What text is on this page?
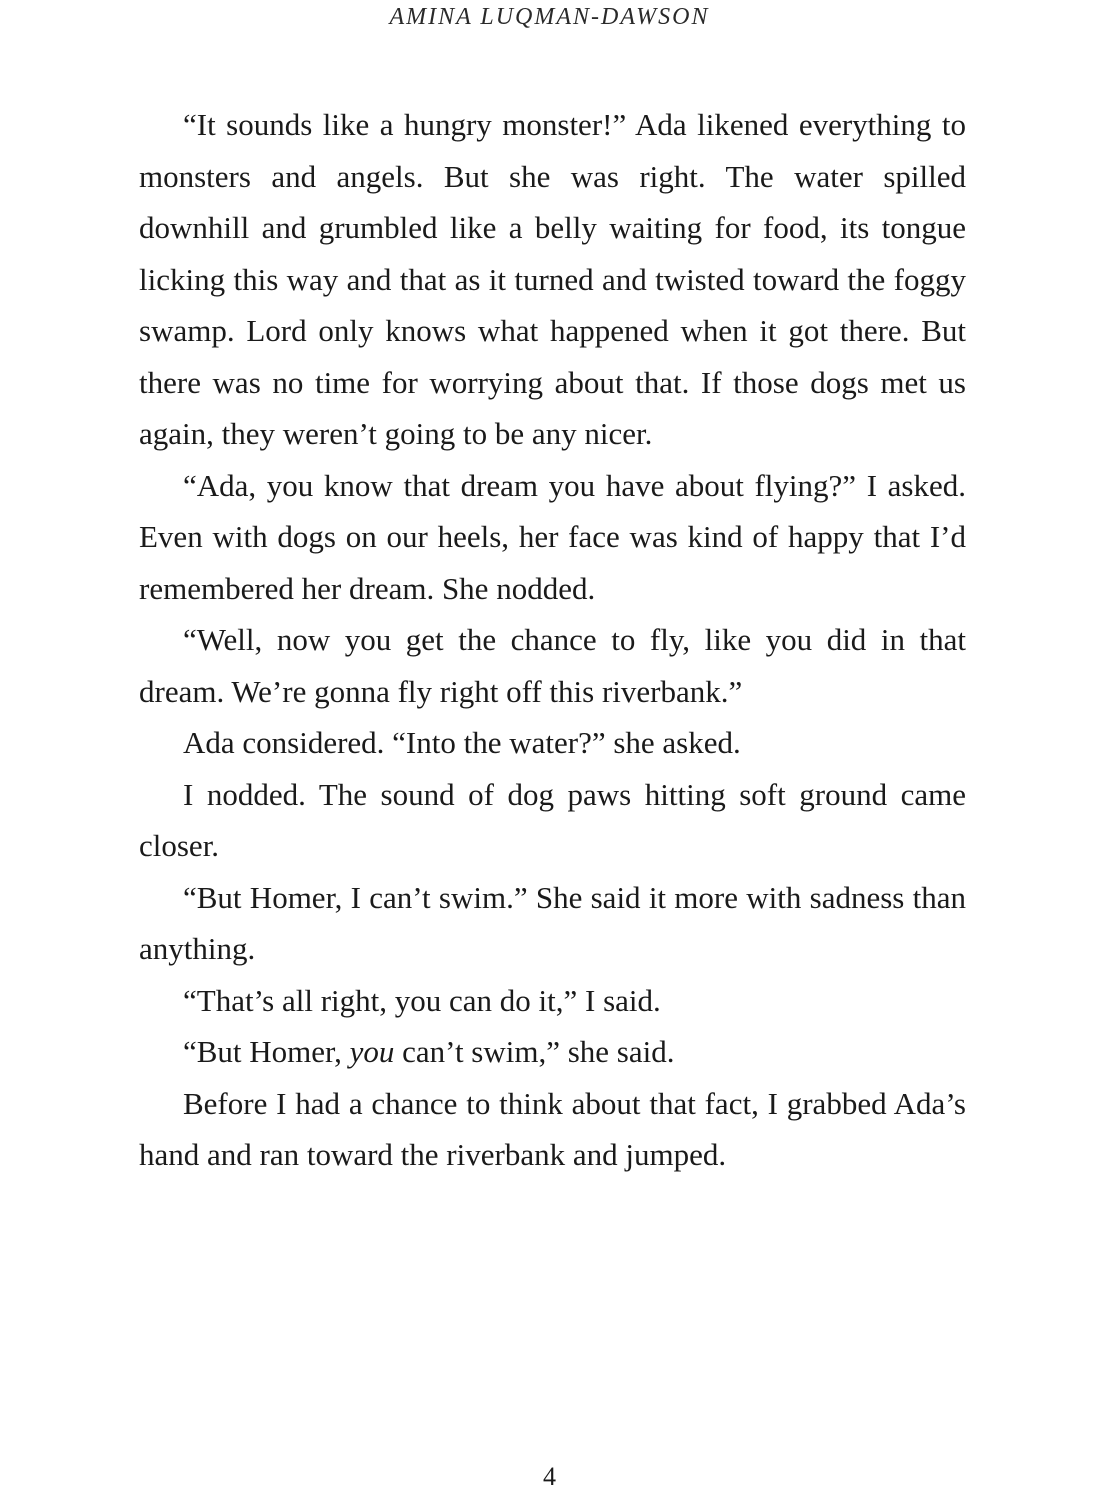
AMINA LUQMAN-DAWSON

“It sounds like a hungry monster!” Ada likened everything to monsters and angels. But she was right. The water spilled downhill and grumbled like a belly waiting for food, its tongue licking this way and that as it turned and twisted toward the foggy swamp. Lord only knows what happened when it got there. But there was no time for worrying about that. If those dogs met us again, they weren’t going to be any nicer.

“Ada, you know that dream you have about flying?” I asked. Even with dogs on our heels, her face was kind of happy that I’d remembered her dream. She nodded.

“Well, now you get the chance to fly, like you did in that dream. We’re gonna fly right off this riverbank.”

Ada considered. “Into the water?” she asked.

I nodded. The sound of dog paws hitting soft ground came closer.

“But Homer, I can’t swim.” She said it more with sadness than anything.

“That’s all right, you can do it,” I said.

“But Homer, you can’t swim,” she said.

Before I had a chance to think about that fact, I grabbed Ada’s hand and ran toward the riverbank and jumped.

4
